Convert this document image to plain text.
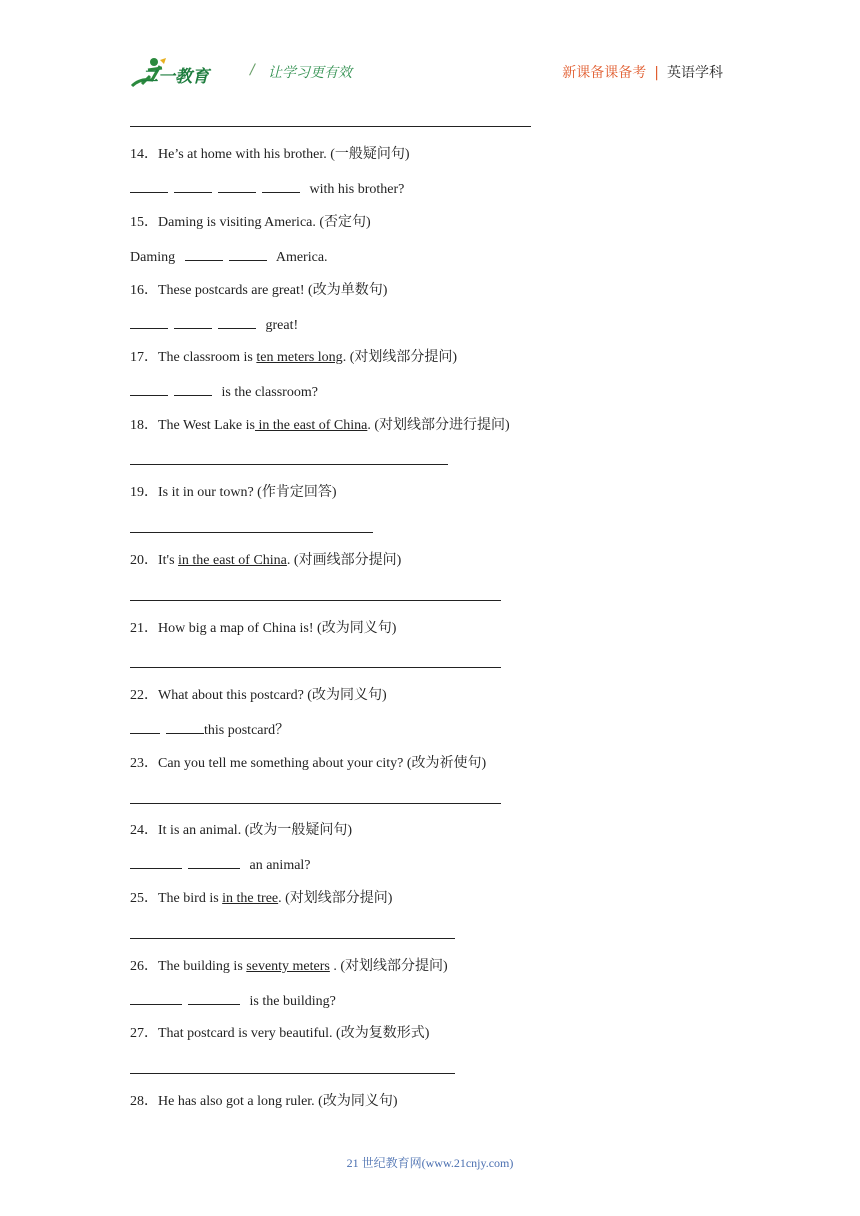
二一教育	/ 让学习更有效	新课备课备考 | 英语学科
14．He’s at home with his brother. (一般疑问句)
with his brother?
15．Daming is visiting America. (否定句)
Daming	America.
16．These postcards are great! (改为单数句)
great!
17．The classroom is ten meters long. (对划线部分提问)
is the classroom?
18．The West Lake is in the east of China. (对划线部分进行提问)
19．Is it in our town? (作肯定回答)
20．It's in the east of China. (对画线部分提问)
21．How big a map of China is! (改为同义句)
22．What about this postcard? (改为同义句)
this postcard？
23．Can you tell me something about your city? (改为祈使句)
24．It is an animal. (改为一般疑问句)
an animal?
25．The bird is in the tree. (对划线部分提问)
26．The building is seventy meters . (对划线部分提问)
is the building?
27．That postcard is very beautiful. (改为复数形式)
28．He has also got a long ruler. (改为同义句)
21 世纪教育网(www.21cnjy.com)
